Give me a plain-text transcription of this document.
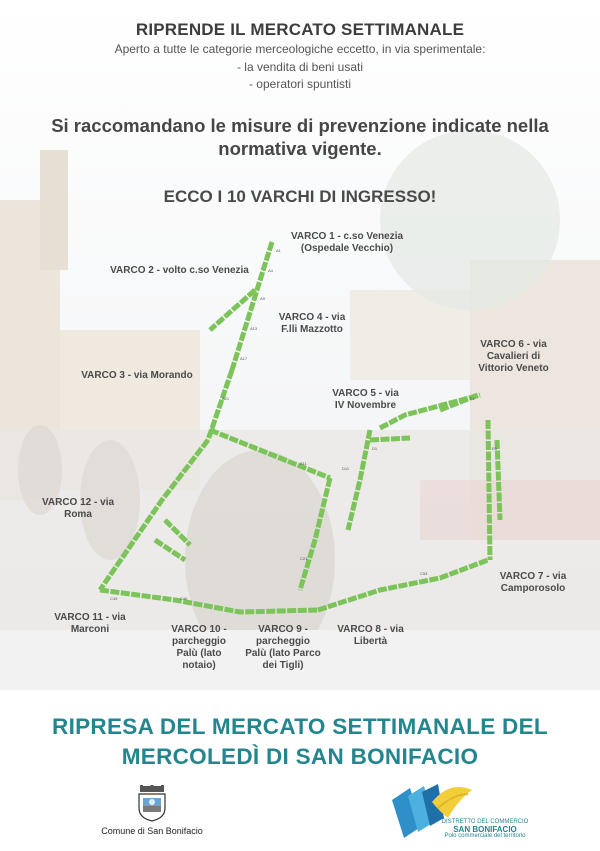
A1
A4
A9
A13
A17
A21
B11
D11
D1
E1
E5
C53
C40
C49
C21
RIPRENDE IL MERCATO SETTIMANALE
Aperto a tutte le categorie merceologiche eccetto, in via sperimentale:
- la vendita di beni usati
- operatori spuntisti
Si raccomandano le misure di prevenzione indicate nella normativa vigente.
ECCO I 10 VARCHI DI INGRESSO!
VARCO 1 - c.so Venezia
(Ospedale Vecchio)
VARCO 2 - volto c.so Venezia
VARCO 3 - via Morando
VARCO 4 - via
F.lli Mazzotto
VARCO 5 - via
IV Novembre
VARCO 6 - via
Cavalieri di
Vittorio Veneto
VARCO 7 - via
Camporosolo
VARCO 8 - via
Libertà
VARCO 9 -
parcheggio
Palù (lato Parco
dei Tigli)
VARCO 10 -
parcheggio
Palù (lato
notaio)
VARCO 11 - via
Marconi
VARCO 12 - via
Roma
RIPRESA DEL MERCATO SETTIMANALE DEL
MERCOLEDÌ DI SAN BONIFACIO
Comune di San Bonifacio
DISTRETTO DEL COMMERCIO
SAN BONIFACIO
Polo commerciale del territorio
